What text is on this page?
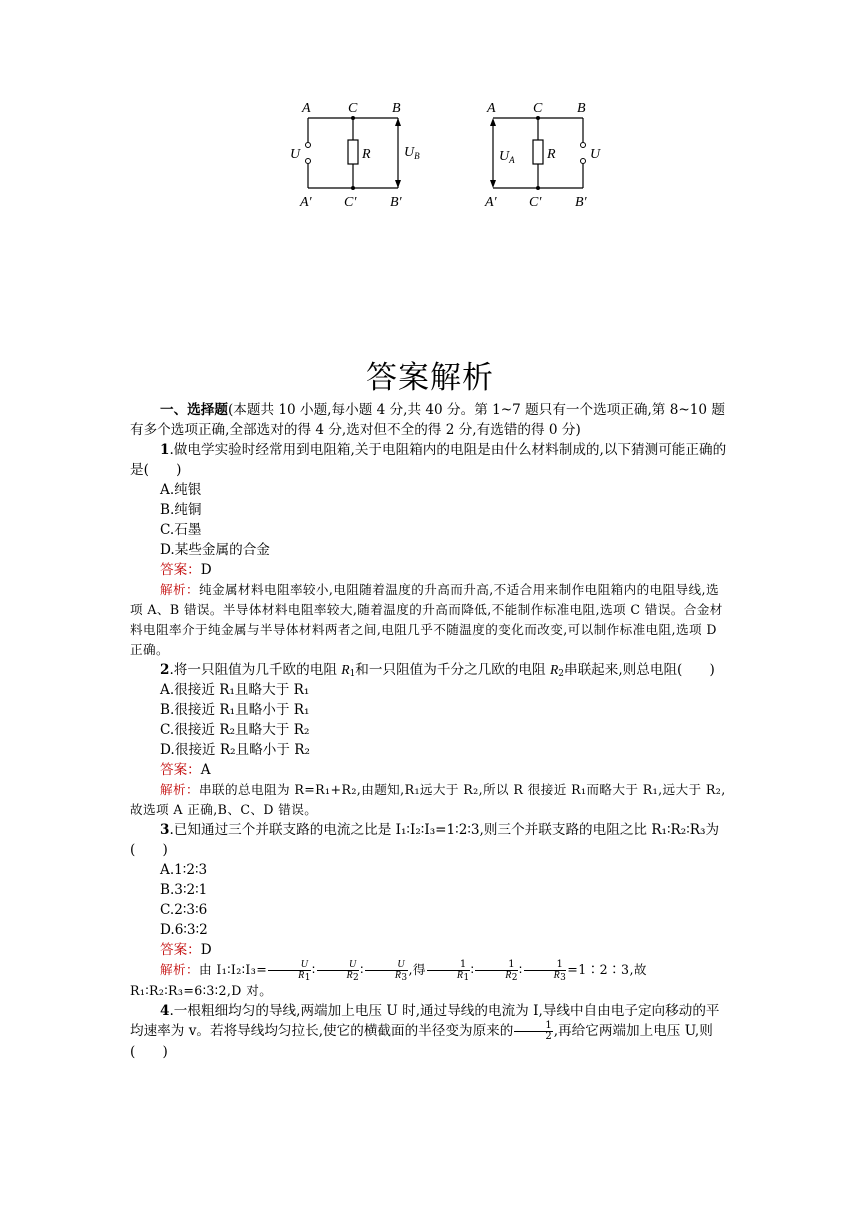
A	C B
A′ C′ B′
U	R $U_B$
A	C B
A′ C′ B′
$U_A$ R U
答案解析

一、选择题(本题共 10 小题,每小题 4 分,共 40 分。第 1~7 题只有一个选项正确,第 8~10 题有多个选项正确,全部选对的得 4 分,选对但不全的得 2 分,有选错的得 0 分)

1.做电学实验时经常用到电阻箱,关于电阻箱内的电阻是由什么材料制成的,以下猜测可能正确的是(　　)

A.纯银

B.纯铜

C.石墨

D.某些金属的合金

答案：D

解析：纯金属材料电阻率较小,电阻随着温度的升高而升高,不适合用来制作电阻箱内的电阻导线,选项 A、B 错误。半导体材料电阻率较大,随着温度的升高而降低,不能制作标准电阻,选项 C 错误。合金材料电阻率介于纯金属与半导体材料两者之间,电阻几乎不随温度的变化而改变,可以制作标准电阻,选项 D 正确。

2.将一只阻值为几千欧的电阻 $R_1$和一只阻值为千分之几欧的电阻 $R_2$串联起来,则总电阻(　　)

A.很接近 R₁且略大于 R₁

B.很接近 R₁且略小于 R₁

C.很接近 R₂且略大于 R₂

D.很接近 R₂且略小于 R₂

答案：A

解析：串联的总电阻为 R=R₁+R₂,由题知,R₁远大于 R₂,所以 R 很接近 R₁而略大于 R₁,远大于 R₂,故选项 A 正确,B、C、D 错误。

3.已知通过三个并联支路的电流之比是 I₁∶I₂∶I₃=1∶2∶3,则三个并联支路的电阻之比 R₁∶R₂∶R₃为(　　)

A.1∶2∶3

B.3∶2∶1

C.2∶3∶6

D.6∶3∶2

答案：D

解析：由 I₁∶I₂∶I₃= $\frac{U}{R_1}$ ∶ $\frac{U}{R_2}$ ∶ $\frac{U}{R_3}$ ,得 $\frac{1}{R_1}$ ∶ $\frac{1}{R_2}$ ∶ $\frac{1}{R_3}$ =1∶2∶3,故 R₁∶R₂∶R₃=6∶3∶2,D 对。

4.一根粗细均匀的导线,两端加上电压 U 时,通过导线的电流为 I,导线中自由电子定向移动的平均速率为 v。若将导线均匀拉长,使它的横截面的半径变为原来的 $\frac{1}{2}$ ,再给它两端加上电压 U,则(　　)
